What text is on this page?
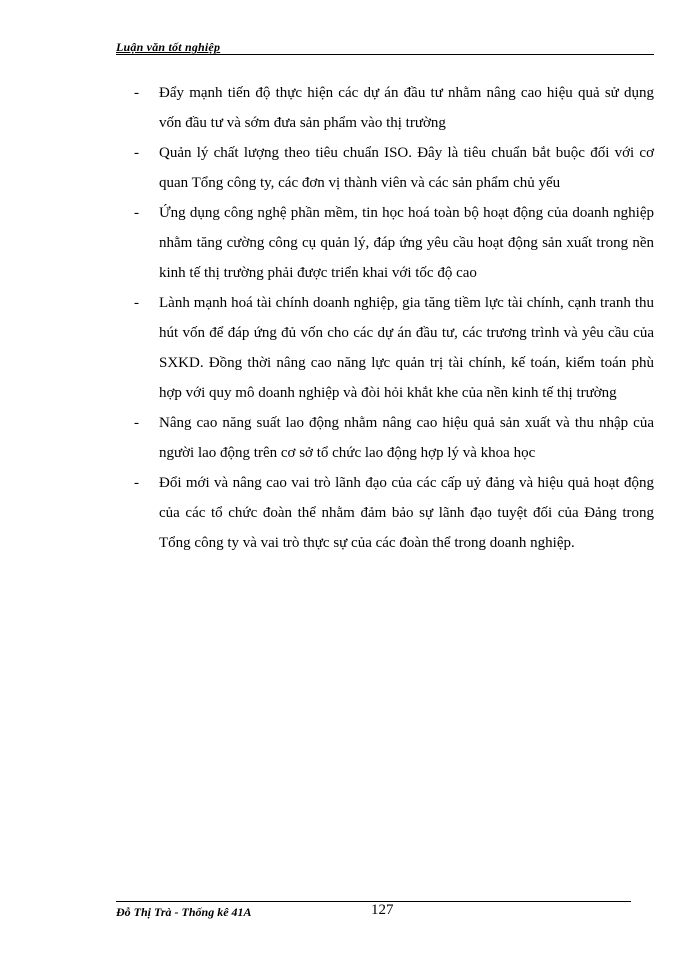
Luận văn tốt nghiệp
- Đẩy mạnh tiến độ thực hiện các dự án đầu tư nhằm nâng cao hiệu quả sử dụng vốn đầu tư và sớm đưa sản phẩm vào thị trường
- Quản lý chất lượng theo tiêu chuẩn ISO. Đây là tiêu chuẩn bắt buộc đối với cơ quan Tổng công ty, các đơn vị thành viên và các sản phẩm chủ yếu
- Ứng dụng công nghệ phần mềm, tin học hoá toàn bộ hoạt động của doanh nghiệp nhằm tăng cường công cụ quản lý, đáp ứng yêu cầu hoạt động sản xuất trong nền kinh tế thị trường phải được triển khai với tốc độ cao
- Lành mạnh hoá tài chính doanh nghiệp, gia tăng tiềm lực tài chính, cạnh tranh thu hút vốn để đáp ứng đủ vốn cho các dự án đầu tư, các trương trình và yêu cầu của SXKD. Đồng thời nâng cao năng lực quản trị tài chính, kế toán, kiểm toán phù hợp với quy mô doanh nghiệp và đòi hỏi khắt khe của nền kinh tế thị trường
- Nâng cao năng suất lao động nhằm nâng cao hiệu quả sản xuất và thu nhập của người lao động trên cơ sở tổ chức lao động hợp lý và khoa học
- Đổi mới và nâng cao vai trò lãnh đạo của các cấp uỷ đảng và hiệu quả hoạt động của các tổ chức đoàn thể nhằm đảm bảo sự lãnh đạo tuyệt đối của Đảng trong Tổng công ty và vai trò thực sự của các đoàn thể trong doanh nghiệp.
Đỗ Thị Trà - Thống kê 41A	127
